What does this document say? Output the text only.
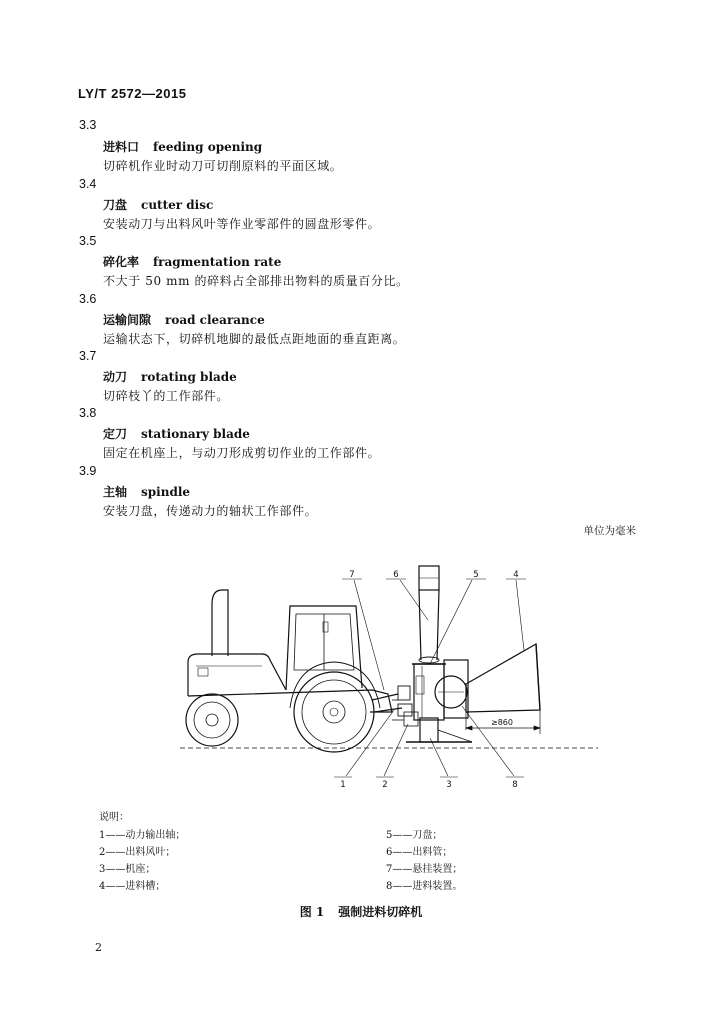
LY/T 2572—2015
3.3
进料口 feeding opening
切碎机作业时动刀可切削原料的平面区域。
3.4
刀盘 cutter disc
安装动刀与出料风叶等作业零部件的圆盘形零件。
3.5
碎化率 fragmentation rate
不大于 50 mm 的碎料占全部排出物料的质量百分比。
3.6
运输间隙 road clearance
运输状态下，切碎机地脚的最低点距地面的垂直距离。
3.7
动刀 rotating blade
切碎枝丫的工作部件。
3.8
定刀 stationary blade
固定在机座上，与动刀形成剪切作业的工作部件。
3.9
主轴 spindle
安装刀盘，传递动力的轴状工作部件。
单位为毫米
7	6	5	4
1	2	3	8
≥860
说明：
1——动力输出轴；
2——出料风叶；
3——机座；
4——进料槽；
5——刀盘；
6——出料管；
7——悬挂装置；
8——进料装置。
图 1 强制进料切碎机
2
